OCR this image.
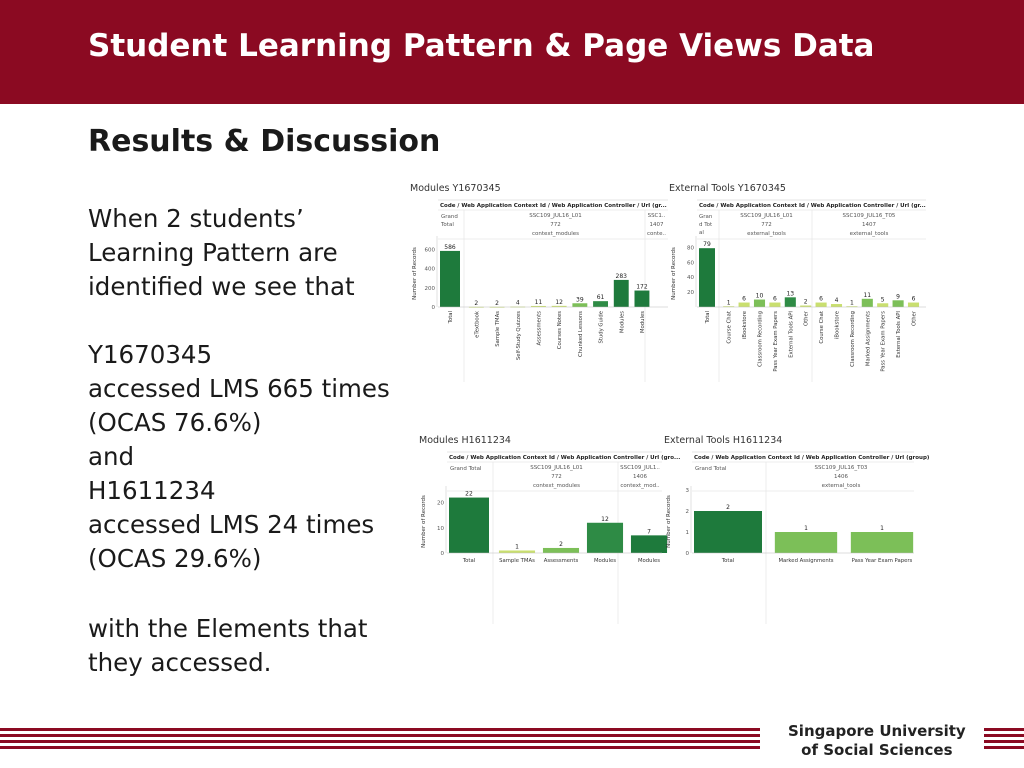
Student Learning Pattern & Page Views Data
Results & Discussion

When 2 students’
Learning Pattern are
identified we see that

Y1670345
accessed LMS 665 times
(OCAS 76.6%)
and
H1611234
accessed LMS 24 times
(OCAS 29.6%)

with the Elements that
they accessed.

Modules Y1670345
Code / Web Application Context Id / Web Application Controller / Url (gr...
Grand
Total
SSC109_JUL16_L01
772
context_modules
SSC1..
1407
conte..
Number of Records
0
200
400
600 586
Total
2
eTextbook
2
Sample TMAs
4
Self-Study Quizzes
11
Assessments
12
Courses Notes
39
Chunked Lessons
61
Study Guide
283
Modules
172
Modules
External Tools Y1670345
Code / Web Application Context Id / Web Application Controller / Url (gr...
Gran
d Tot
al
SSC109_JUL16_L01
772
external_tools
SSC109_JUL16_T05
1407
external_tools
Number of Records 20
40
60
80
79
Total
1
Course Chat
6
iBookstore
10
Classroom Recording
6
Pass Year Exam Papers
13
External Tools API
2
Other
6
Course Chat
4
iBookstore
1
Classroom Recording
11
Marked Assignments
5
Pass Year Exam Papers
9
External Tools API
6
Other
Modules H1611234
Code / Web Application Context Id / Web Application Controller / Url (gro...
Grand Total	SSC109_JUL16_L01
772
context_modules
SSC109_JUL1..
1406
context_mod..
Number of Records
0
10
20
22
Total
1
Sample TMAs
2
Assessments
12
Modules
7
Modules
External Tools H1611234
Code / Web Application Context Id / Web Application Controller / Url (group)
Grand Total	SSC109_JUL16_T03
1406
external_tools
Number of Records
0
1
2
3
2
Total
1
Marked Assignments
1
Pass Year Exam Papers
Singapore University
of Social Sciences
